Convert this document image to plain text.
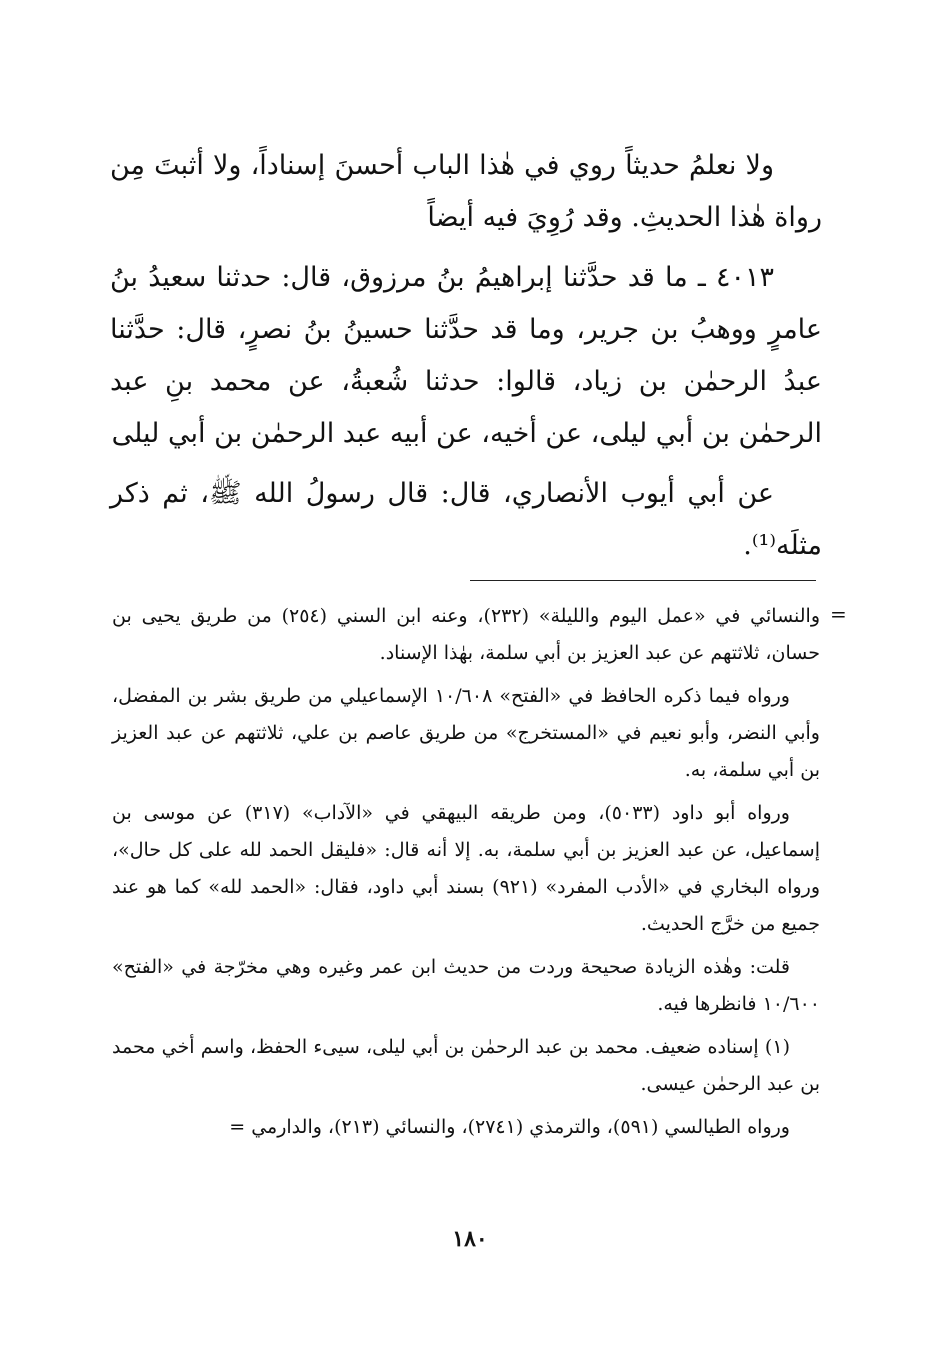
ولا نعلمُ حديثاً روي في هٰذا الباب أحسنَ إسناداً، ولا أثبتَ مِن رواة هٰذا الحديثِ. وقد رُوِيَ فيه أيضاً

٤٠١٣ ـ ما قد حدَّثنا إبراهيمُ بنُ مرزوق، قال: حدثنا سعيدُ بنُ عامرٍ ووهبُ بن جرير، وما قد حدَّثنا حسينُ بنُ نصرٍ، قال: حدَّثنا عبدُ الرحمٰن بن زياد، قالوا: حدثنا شُعبةُ، عن محمد بنِ عبد الرحمٰن بن أبي ليلى، عن أخيه، عن أبيه عبد الرحمٰن بن أبي ليلى

عن أبي أيوب الأنصاري، قال: قال رسولُ الله ﷺ، ثم ذكر مثلَه⁽¹⁾.

=

والنسائي في «عمل اليوم والليلة» (٢٣٢)، وعنه ابن السني (٢٥٤) من طريق يحيى بن حسان، ثلاثتهم عن عبد العزيز بن أبي سلمة، بهٰذا الإسناد.

ورواه فيما ذكره الحافظ في «الفتح» ١٠/٦٠٨ الإسماعيلي من طريق بشر بن المفضل، وأبي النضر، وأبو نعيم في «المستخرج» من طريق عاصم بن علي، ثلاثتهم عن عبد العزيز بن أبي سلمة، به.

ورواه أبو داود (٥٠٣٣)، ومن طريقه البيهقي في «الآداب» (٣١٧) عن موسى بن إسماعيل، عن عبد العزيز بن أبي سلمة، به. إلا أنه قال: «فليقل الحمد لله على كل حال»، ورواه البخاري في «الأدب المفرد» (٩٢١) بسند أبي داود، فقال: «الحمد لله» كما هو عند جميع من خرَّج الحديث.

قلت: وهٰذه الزيادة صحيحة وردت من حديث ابن عمر وغيره وهي مخرّجة في «الفتح» ١٠/٦٠٠ فانظرها فيه.

(١) إسناده ضعيف. محمد بن عبد الرحمٰن بن أبي ليلى، سيىء الحفظ، واسم أخي محمد بن عبد الرحمٰن عيسى.

ورواه الطيالسي (٥٩١)، والترمذي (٢٧٤١)، والنسائي (٢١٣)، والدارمي =

١٨٠
